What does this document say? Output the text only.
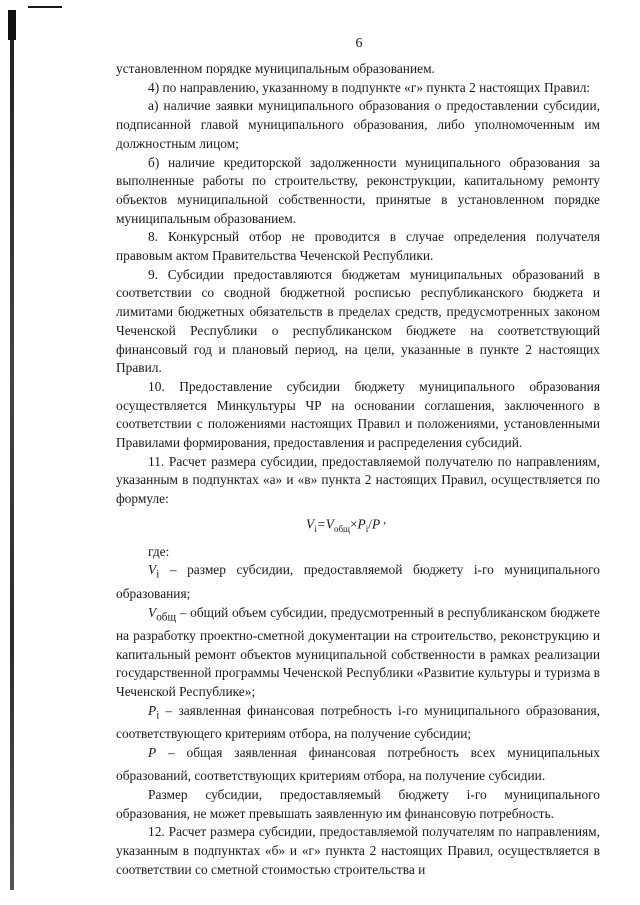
6

установленном порядке муниципальным образованием.

4) по направлению, указанному в подпункте «г» пункта 2 настоящих Правил:

а) наличие заявки муниципального образования о предоставлении субсидии, подписанной главой муниципального образования, либо уполномоченным им должностным лицом;

б) наличие кредиторской задолженности муниципального образования за выполненные работы по строительству, реконструкции, капитальному ремонту объектов муниципальной собственности, принятые в установленном порядке муниципальным образованием.

8. Конкурсный отбор не проводится в случае определения получателя правовым актом Правительства Чеченской Республики.

9. Субсидии предоставляются бюджетам муниципальных образований в соответствии со сводной бюджетной росписью республиканского бюджета и лимитами бюджетных обязательств в пределах средств, предусмотренных законом Чеченской Республики о республиканском бюджете на соответствующий финансовый год и плановый период, на цели, указанные в пункте 2 настоящих Правил.

10. Предоставление субсидии бюджету муниципального образования осуществляется Минкультуры ЧР на основании соглашения, заключенного в соответствии с положениями настоящих Правил и положениями, установленными Правилами формирования, предоставления и распределения субсидий.

11. Расчет размера субсидии, предоставляемой получателю по направлениям, указанным в подпунктах «а» и «в» пункта 2 настоящих Правил, осуществляется по формуле:

$V_i=V_{общ}\times P_i/P$ ,

где:

$V_i$ – размер субсидии, предоставляемой бюджету i-го муниципального образования;

$V_{общ}$ – общий объем субсидии, предусмотренный в республиканском бюджете на разработку проектно-сметной документации на строительство, реконструкцию и капитальный ремонт объектов муниципальной собственности в рамках реализации государственной программы Чеченской Республики «Развитие культуры и туризма в Чеченской Республике»;

$P_i$ – заявленная финансовая потребность i-го муниципального образования, соответствующего критериям отбора, на получение субсидии;

P – общая заявленная финансовая потребность всех муниципальных образований, соответствующих критериям отбора, на получение субсидии.

Размер субсидии, предоставляемый бюджету i-го муниципального образования, не может превышать заявленную им финансовую потребность.

12. Расчет размера субсидии, предоставляемой получателям по направлениям, указанным в подпунктах «б» и «г» пункта 2 настоящих Правил, осуществляется в соответствии со сметной стоимостью строительства и
